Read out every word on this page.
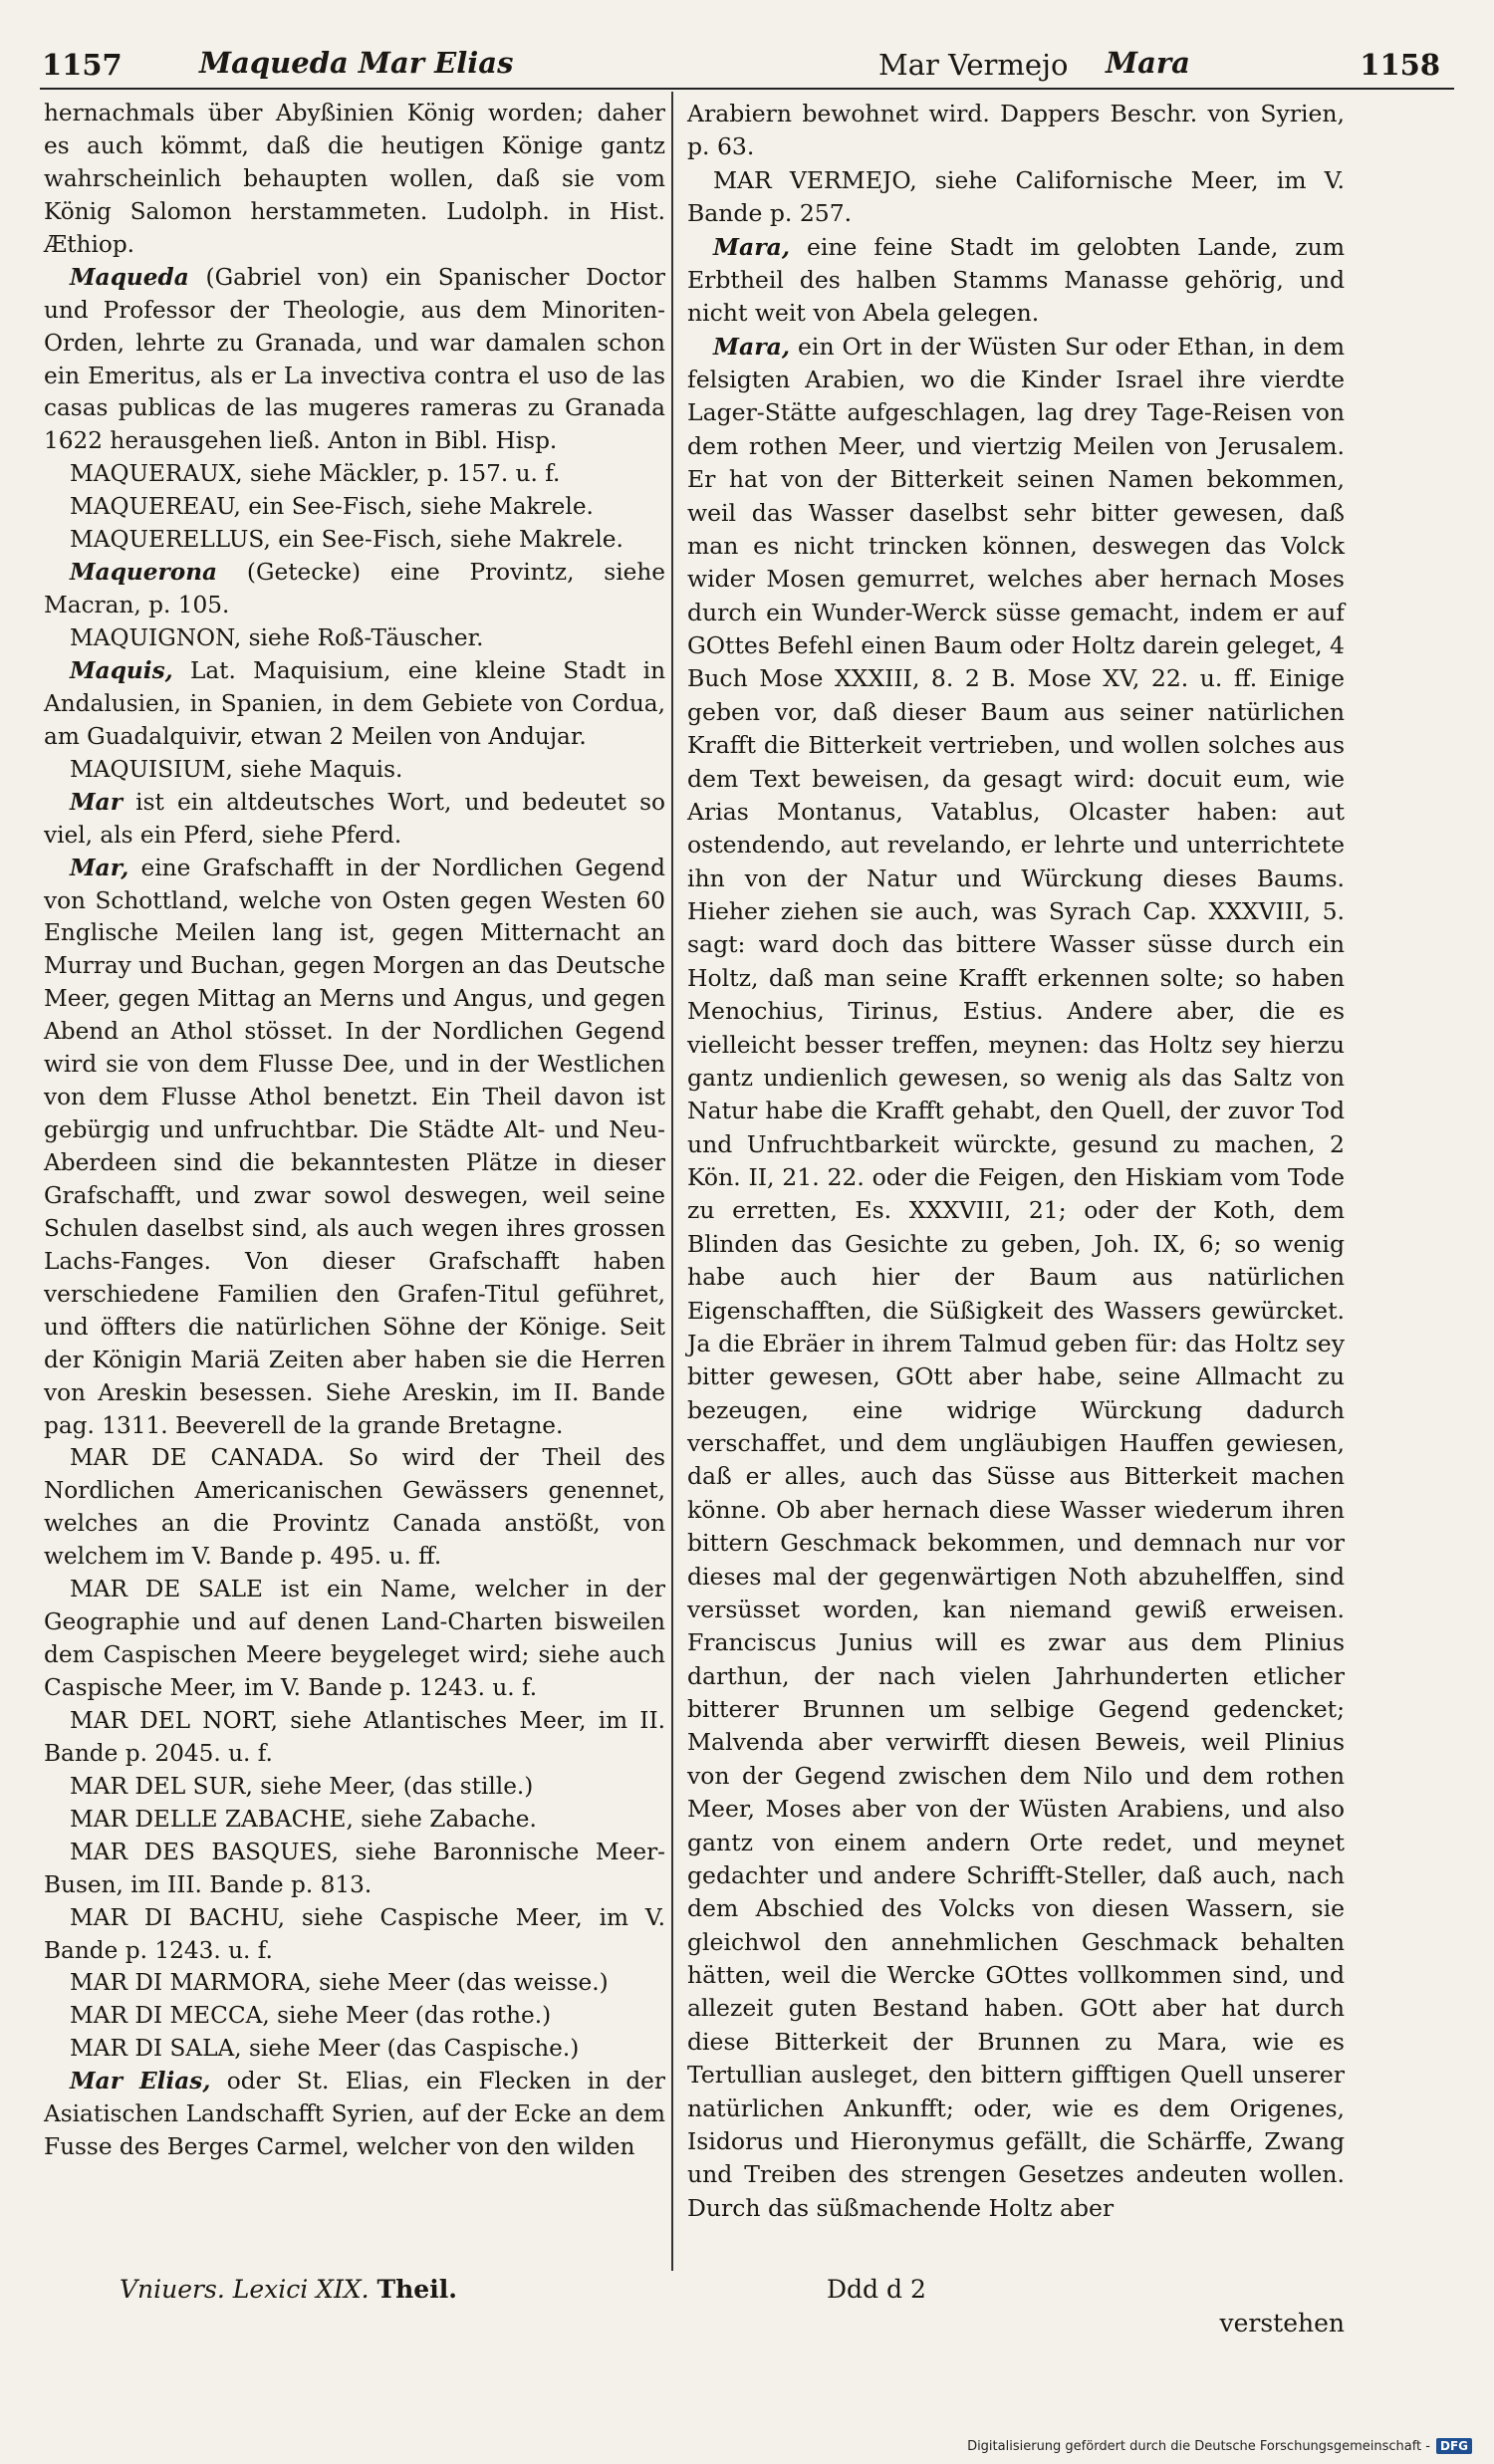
1157	Maqueda Mar Elias	Mar Vermejo Mara	1158

hernachmals über Abyßinien König worden; daher es auch kömmt, daß die heutigen Könige gantz wahrscheinlich behaupten wollen, daß sie vom König Salomon herstammeten. Ludolph. in Hist. Æthiop.

Maqueda (Gabriel von) ein Spanischer Doctor und Professor der Theologie, aus dem Minoriten-Orden, lehrte zu Granada, und war damalen schon ein Emeritus, als er La invectiva contra el uso de las casas publicas de las mugeres rameras zu Granada 1622 herausgehen ließ. Anton in Bibl. Hisp.

MAQUERAUX, siehe Mäckler, p. 157. u. f.

MAQUEREAU, ein See-Fisch, siehe Makrele.

MAQUERELLUS, ein See-Fisch, siehe Makrele.

Maquerona (Getecke) eine Provintz, siehe Macran, p. 105.

MAQUIGNON, siehe Roß-Täuscher.

Maquis, Lat. Maquisium, eine kleine Stadt in Andalusien, in Spanien, in dem Gebiete von Cordua, am Guadalquivir, etwan 2 Meilen von Andujar.

MAQUISIUM, siehe Maquis.

Mar ist ein altdeutsches Wort, und bedeutet so viel, als ein Pferd, siehe Pferd.

Mar, eine Grafschafft in der Nordlichen Gegend von Schottland, welche von Osten gegen Westen 60 Englische Meilen lang ist, gegen Mitternacht an Murray und Buchan, gegen Morgen an das Deutsche Meer, gegen Mittag an Merns und Angus, und gegen Abend an Athol stösset. In der Nordlichen Gegend wird sie von dem Flusse Dee, und in der Westlichen von dem Flusse Athol benetzt. Ein Theil davon ist gebürgig und unfruchtbar. Die Städte Alt- und Neu-Aberdeen sind die bekanntesten Plätze in dieser Grafschafft, und zwar sowol deswegen, weil seine Schulen daselbst sind, als auch wegen ihres grossen Lachs-Fanges. Von dieser Grafschafft haben verschiedene Familien den Grafen-Titul geführet, und öffters die natürlichen Söhne der Könige. Seit der Königin Mariä Zeiten aber haben sie die Herren von Areskin besessen. Siehe Areskin, im II. Bande pag. 1311. Beeverell de la grande Bretagne.

MAR DE CANADA. So wird der Theil des Nordlichen Americanischen Gewässers genennet, welches an die Provintz Canada anstößt, von welchem im V. Bande p. 495. u. ff.

MAR DE SALE ist ein Name, welcher in der Geographie und auf denen Land-Charten bisweilen dem Caspischen Meere beygeleget wird; siehe auch Caspische Meer, im V. Bande p. 1243. u. f.

MAR DEL NORT, siehe Atlantisches Meer, im II. Bande p. 2045. u. f.

MAR DEL SUR, siehe Meer, (das stille.)

MAR DELLE ZABACHE, siehe Zabache.

MAR DES BASQUES, siehe Baronnische Meer-Busen, im III. Bande p. 813.

MAR DI BACHU, siehe Caspische Meer, im V. Bande p. 1243. u. f.

MAR DI MARMORA, siehe Meer (das weisse.)

MAR DI MECCA, siehe Meer (das rothe.)

MAR DI SALA, siehe Meer (das Caspische.)

Mar Elias, oder St. Elias, ein Flecken in der Asiatischen Landschafft Syrien, auf der Ecke an dem Fusse des Berges Carmel, welcher von den wilden

Arabiern bewohnet wird. Dappers Beschr. von Syrien, p. 63.

MAR VERMEJO, siehe Californische Meer, im V. Bande p. 257.

Mara, eine feine Stadt im gelobten Lande, zum Erbtheil des halben Stamms Manasse gehörig, und nicht weit von Abela gelegen.

Mara, ein Ort in der Wüsten Sur oder Ethan, in dem felsigten Arabien, wo die Kinder Israel ihre vierdte Lager-Stätte aufgeschlagen, lag drey Tage-Reisen von dem rothen Meer, und viertzig Meilen von Jerusalem. Er hat von der Bitterkeit seinen Namen bekommen, weil das Wasser daselbst sehr bitter gewesen, daß man es nicht trincken können, deswegen das Volck wider Mosen gemurret, welches aber hernach Moses durch ein Wunder-Werck süsse gemacht, indem er auf GOttes Befehl einen Baum oder Holtz darein geleget, 4 Buch Mose XXXIII, 8. 2 B. Mose XV, 22. u. ff. Einige geben vor, daß dieser Baum aus seiner natürlichen Krafft die Bitterkeit vertrieben, und wollen solches aus dem Text beweisen, da gesagt wird: docuit eum, wie Arias Montanus, Vatablus, Olcaster haben: aut ostendendo, aut revelando, er lehrte und unterrichtete ihn von der Natur und Würckung dieses Baums. Hieher ziehen sie auch, was Syrach Cap. XXXVIII, 5. sagt: ward doch das bittere Wasser süsse durch ein Holtz, daß man seine Krafft erkennen solte; so haben Menochius, Tirinus, Estius. Andere aber, die es vielleicht besser treffen, meynen: das Holtz sey hierzu gantz undienlich gewesen, so wenig als das Saltz von Natur habe die Krafft gehabt, den Quell, der zuvor Tod und Unfruchtbarkeit würckte, gesund zu machen, 2 Kön. II, 21. 22. oder die Feigen, den Hiskiam vom Tode zu erretten, Es. XXXVIII, 21; oder der Koth, dem Blinden das Gesichte zu geben, Joh. IX, 6; so wenig habe auch hier der Baum aus natürlichen Eigenschafften, die Süßigkeit des Wassers gewürcket. Ja die Ebräer in ihrem Talmud geben für: das Holtz sey bitter gewesen, GOtt aber habe, seine Allmacht zu bezeugen, eine widrige Würckung dadurch verschaffet, und dem ungläubigen Hauffen gewiesen, daß er alles, auch das Süsse aus Bitterkeit machen könne. Ob aber hernach diese Wasser wiederum ihren bittern Geschmack bekommen, und demnach nur vor dieses mal der gegenwärtigen Noth abzuhelffen, sind versüsset worden, kan niemand gewiß erweisen. Franciscus Junius will es zwar aus dem Plinius darthun, der nach vielen Jahrhunderten etlicher bitterer Brunnen um selbige Gegend gedencket; Malvenda aber verwirfft diesen Beweis, weil Plinius von der Gegend zwischen dem Nilo und dem rothen Meer, Moses aber von der Wüsten Arabiens, und also gantz von einem andern Orte redet, und meynet gedachter und andere Schrifft-Steller, daß auch, nach dem Abschied des Volcks von diesen Wassern, sie gleichwol den annehmlichen Geschmack behalten hätten, weil die Wercke GOttes vollkommen sind, und allezeit guten Bestand haben. GOtt aber hat durch diese Bitterkeit der Brunnen zu Mara, wie es Tertullian ausleget, den bittern gifftigen Quell unserer natürlichen Ankunfft; oder, wie es dem Origenes, Isidorus und Hieronymus gefällt, die Schärffe, Zwang und Treiben des strengen Gesetzes andeuten wollen. Durch das süßmachende Holtz aber

Vniuers. Lexici XIX. Theil.	Ddd d 2
verstehen
Digitalisierung gefördert durch die Deutsche Forschungsgemeinschaft - DFG
